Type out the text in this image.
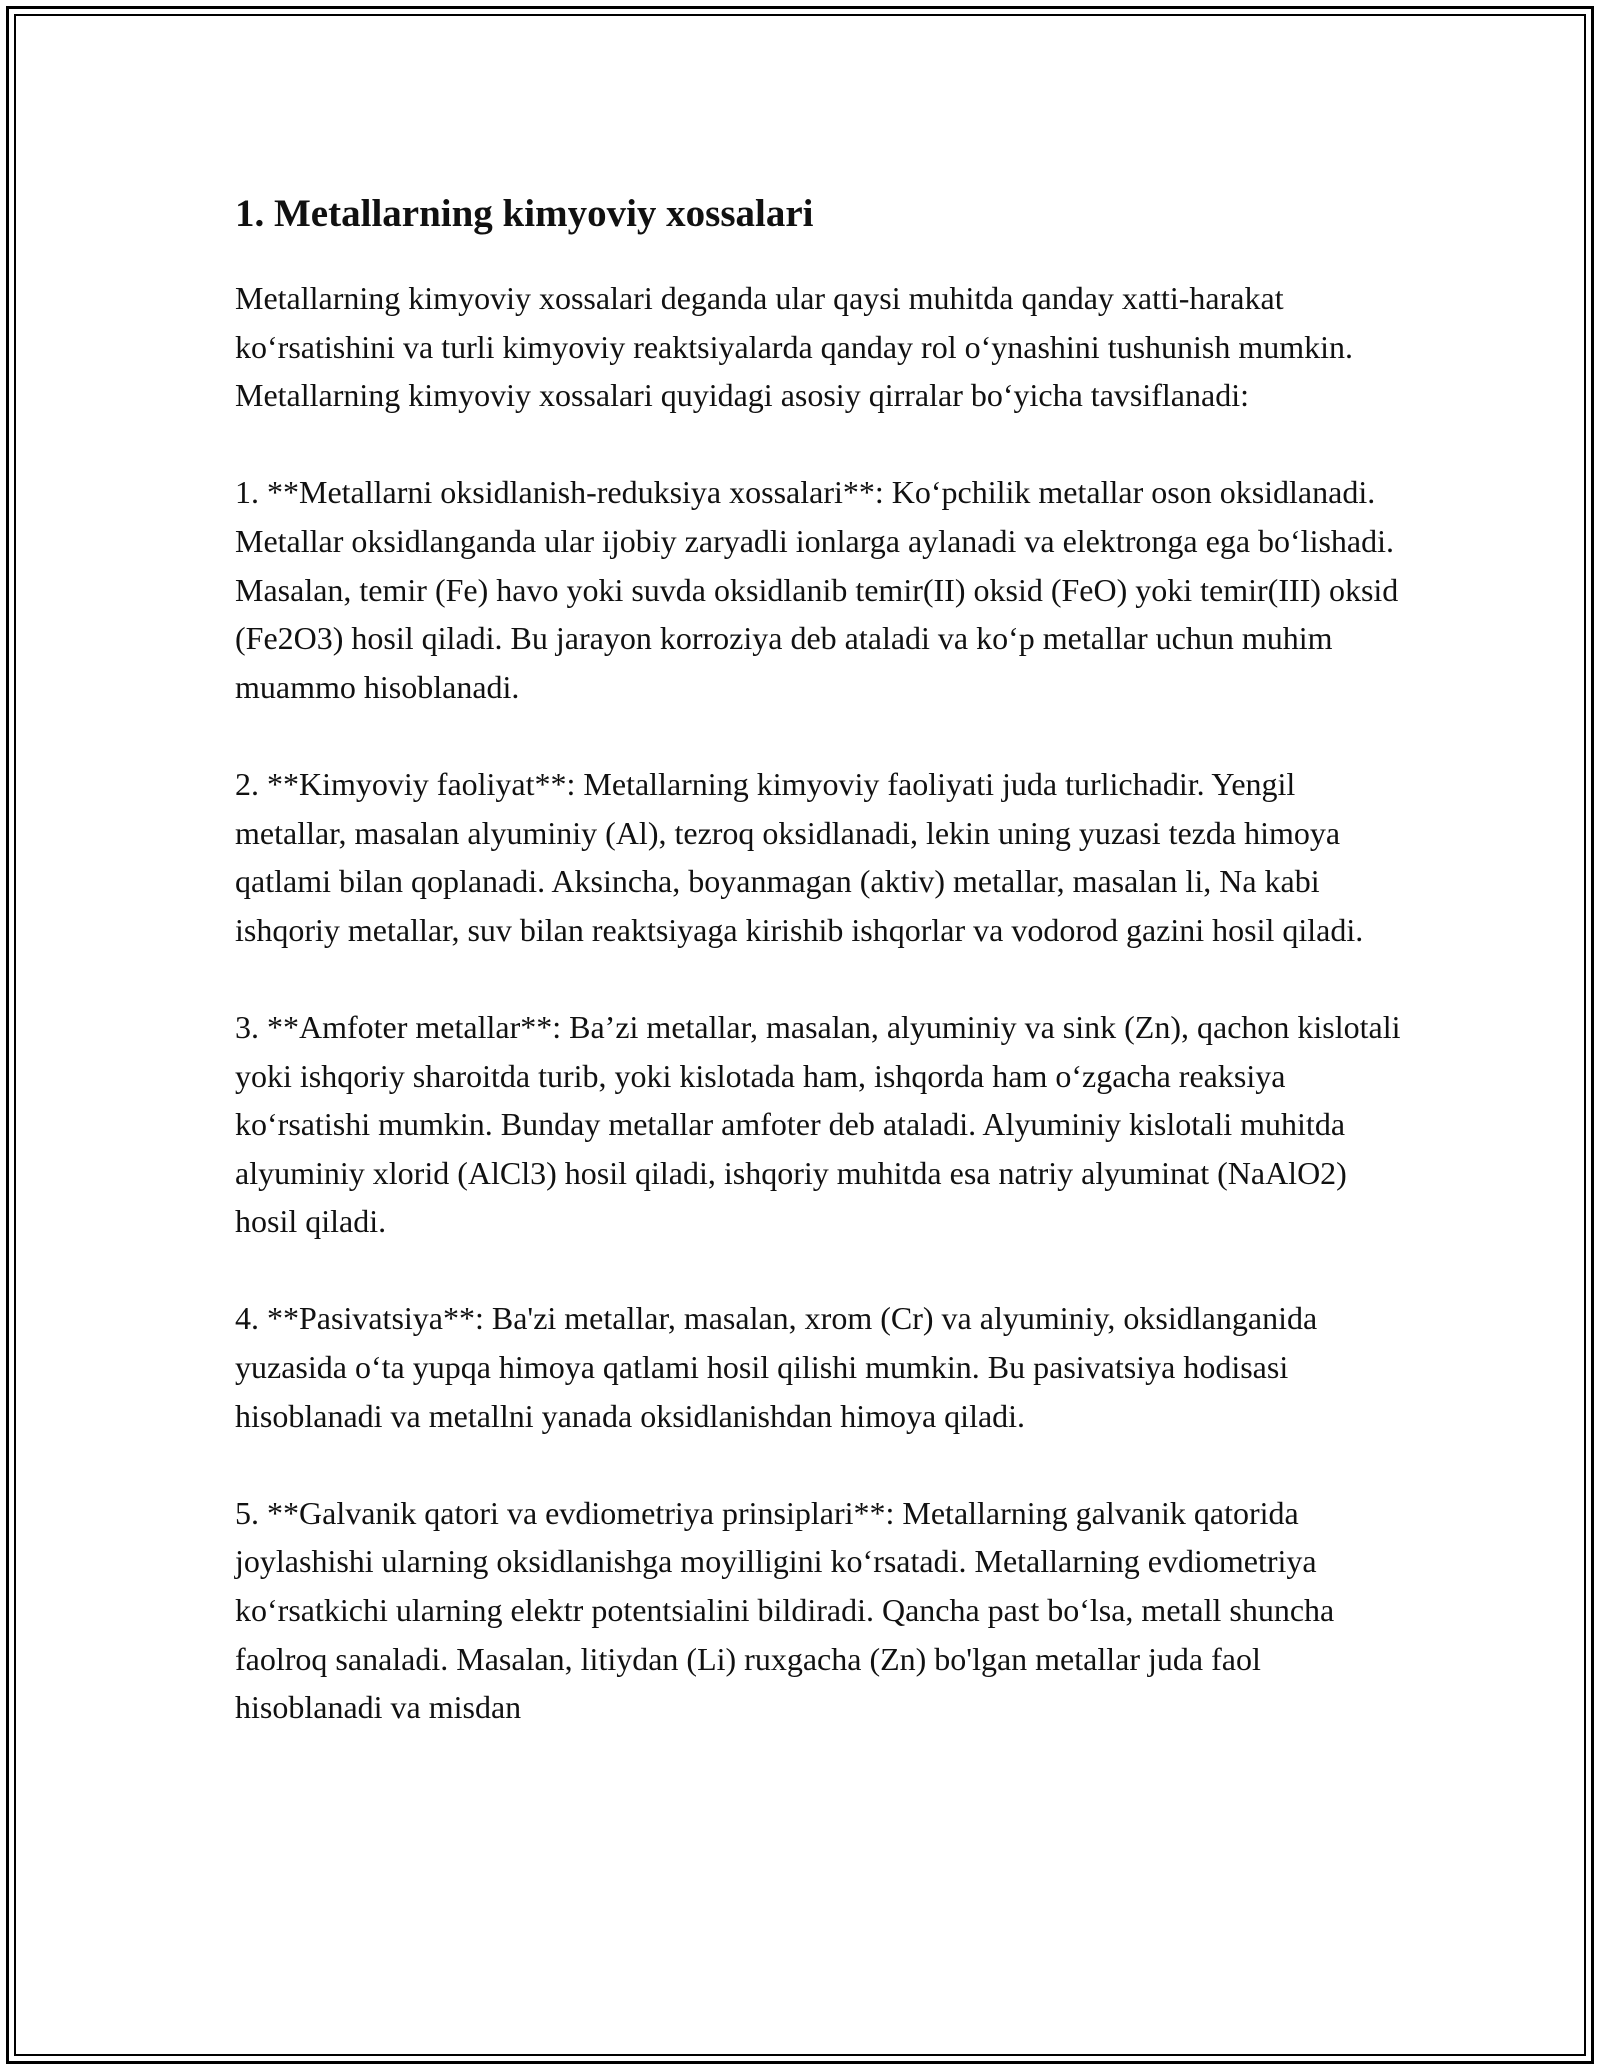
1. Metallarning kimyoviy xossalari

Metallarning kimyoviy xossalari deganda ular qaysi muhitda qanday xatti-harakat ko‘rsatishini va turli kimyoviy reaktsiyalarda qanday rol o‘ynashini tushunish mumkin. Metallarning kimyoviy xossalari quyidagi asosiy qirralar bo‘yicha tavsiflanadi:

1. **Metallarni oksidlanish-reduksiya xossalari**: Ko‘pchilik metallar oson oksidlanadi. Metallar oksidlanganda ular ijobiy zaryadli ionlarga aylanadi va elektronga ega bo‘lishadi. Masalan, temir (Fe) havo yoki suvda oksidlanib temir(II) oksid (FeO) yoki temir(III) oksid (Fe2O3) hosil qiladi. Bu jarayon korroziya deb ataladi va ko‘p metallar uchun muhim muammo hisoblanadi.

2. **Kimyoviy faoliyat**: Metallarning kimyoviy faoliyati juda turlichadir. Yengil metallar, masalan alyuminiy (Al), tezroq oksidlanadi, lekin uning yuzasi tezda himoya qatlami bilan qoplanadi. Aksincha, boyanmagan (aktiv) metallar, masalan li, Na kabi ishqoriy metallar, suv bilan reaktsiyaga kirishib ishqorlar va vodorod gazini hosil qiladi.

3. **Amfoter metallar**: Ba’zi metallar, masalan, alyuminiy va sink (Zn), qachon kislotali yoki ishqoriy sharoitda turib, yoki kislotada ham, ishqorda ham o‘zgacha reaksiya ko‘rsatishi mumkin. Bunday metallar amfoter deb ataladi. Alyuminiy kislotali muhitda alyuminiy xlorid (AlCl3) hosil qiladi, ishqoriy muhitda esa natriy alyuminat (NaAlO2) hosil qiladi.

4. **Pasivatsiya**: Ba'zi metallar, masalan, xrom (Cr) va alyuminiy, oksidlanganida yuzasida o‘ta yupqa himoya qatlami hosil qilishi mumkin. Bu pasivatsiya hodisasi hisoblanadi va metallni yanada oksidlanishdan himoya qiladi.

5. **Galvanik qatori va evdiometriya prinsiplari**: Metallarning galvanik qatorida joylashishi ularning oksidlanishga moyilligini ko‘rsatadi. Metallarning evdiometriya ko‘rsatkichi ularning elektr potentsialini bildiradi. Qancha past bo‘lsa, metall shuncha faolroq sanaladi. Masalan, litiydan (Li) ruxgacha (Zn) bo'lgan metallar juda faol hisoblanadi va misdan
